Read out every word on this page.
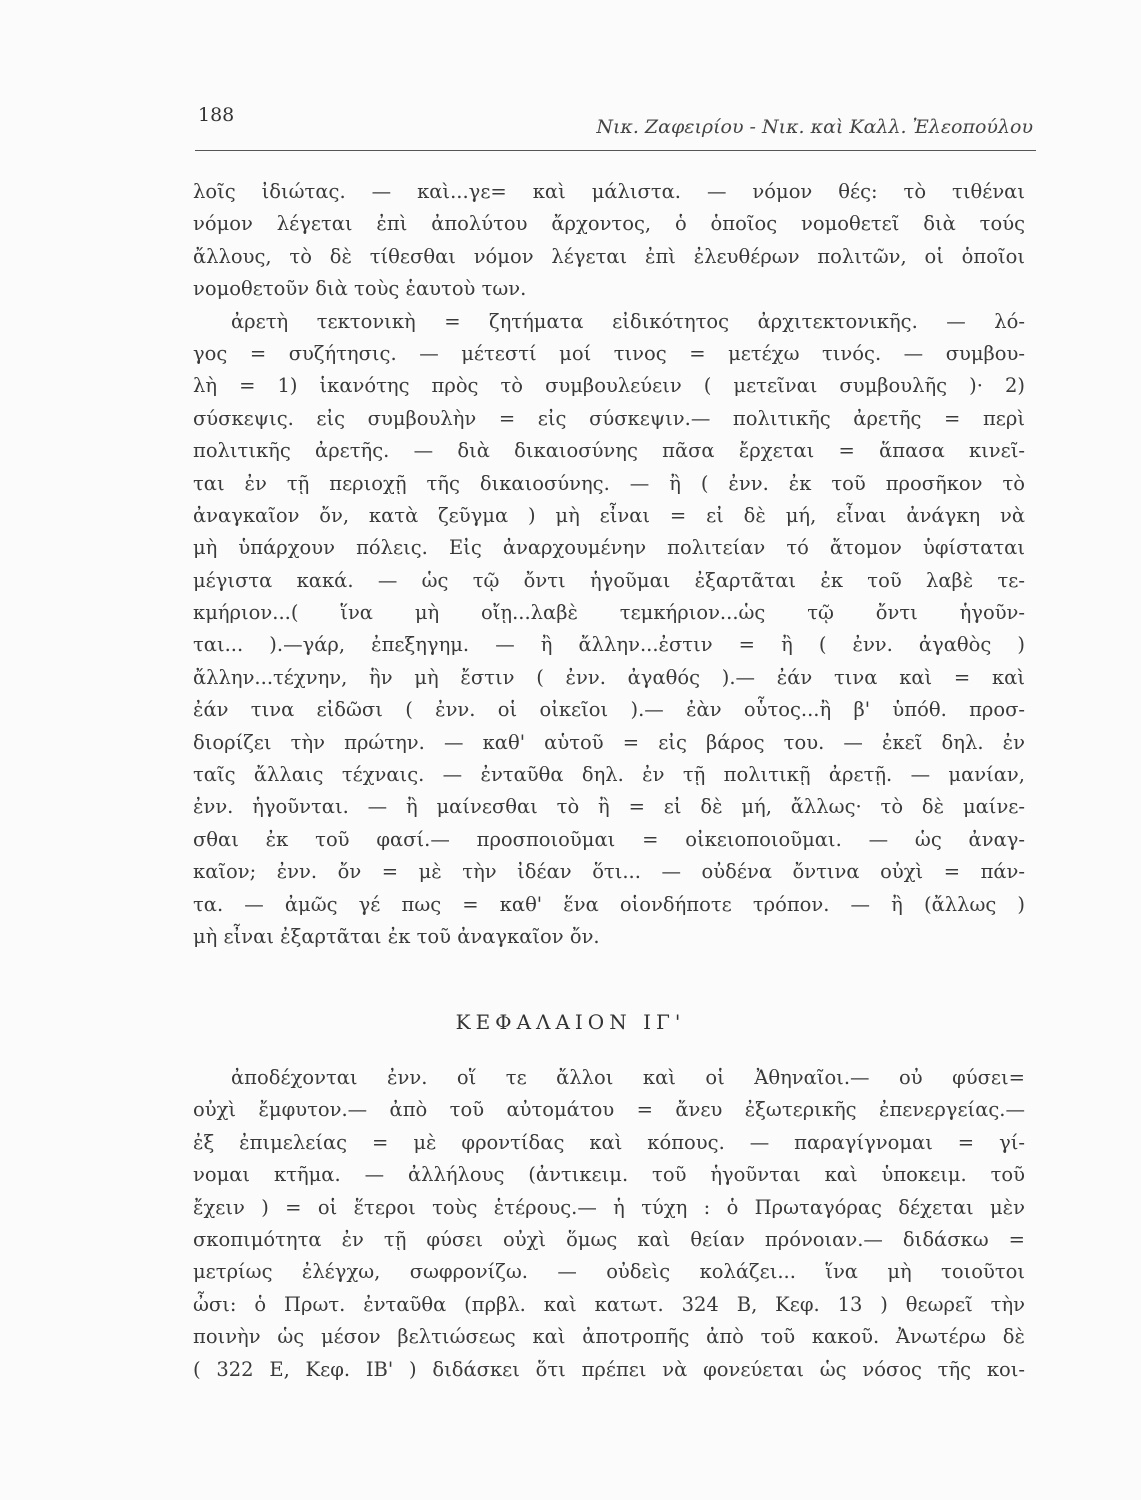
188
Νικ. Ζαφειρίου - Νικ. καὶ Καλλ. Ἐλεοπούλου
λοῖς ἰδιώτας. — καὶ...γε= καὶ μάλιστα. — νόμον θές: τὸ τιθέναι
νόμον λέγεται ἐπὶ ἀπολύτου ἄρχοντος, ὁ ὁποῖος νομοθετεῖ διὰ τούς
ἄλλους, τὸ δὲ τίθεσθαι νόμον λέγεται ἐπὶ ἐλευθέρων πολιτῶν, οἱ ὁποῖοι
νομοθετοῦν διὰ τοὺς ἑαυτοὺ των.
ἀρετὴ τεκτονικὴ = ζητήματα εἰδικότητος ἀρχιτεκτονικῆς. — λό-
γος = συζήτησις. — μέτεστί μοί τινος = μετέχω τινός. — συμβου-
λὴ = 1) ἱκανότης πρὸς τὸ συμβουλεύειν ( μετεῖναι συμβουλῆς )· 2)
σύσκεψις. εἰς συμβουλὴν = εἰς σύσκεψιν.— πολιτικῆς ἀρετῆς = περὶ
πολιτικῆς ἀρετῆς. — διὰ δικαιοσύνης πᾶσα ἔρχεται = ἅπασα κινεῖ-
ται ἐν τῇ περιοχῇ τῆς δικαιοσύνης. — ἢ ( ἐνν. ἐκ τοῦ προσῆκον τὸ
ἀναγκαῖον ὄν, κατὰ ζεῦγμα ) μὴ εἶναι = εἰ δὲ μή, εἶναι ἀνάγκη νὰ
μὴ ὑπάρχουν πόλεις. Εἰς ἀναρχουμένην πολιτείαν τό ἄτομον ὑφίσταται
μέγιστα κακά. — ὡς τῷ ὄντι ἡγοῦμαι ἐξαρτᾶται ἐκ τοῦ λαβὲ τε-
κμήριον...( ἵνα μὴ οἴῃ...λαβὲ τεμκήριον...ὡς τῷ ὄντι ἡγοῦν-
ται... ).—γάρ, ἐπεξηγημ. — ἢ ἄλλην...ἐστιν = ἢ ( ἐνν. ἀγαθὸς )
ἄλλην...τέχνην, ἣν μὴ ἔστιν ( ἐνν. ἀγαθός ).— ἐάν τινα καὶ = καὶ
ἐάν τινα εἰδῶσι ( ἐνν. οἱ οἰκεῖοι ).— ἐὰν οὗτος...ἢ β' ὑπόθ. προσ-
διορίζει τὴν πρώτην. — καθ' αὑτοῦ = εἰς βάρος του. — ἐκεῖ δηλ. ἐν
ταῖς ἄλλαις τέχναις. — ἐνταῦθα δηλ. ἐν τῇ πολιτικῇ ἀρετῇ. — μανίαν,
ἐνν. ἡγοῦνται. — ἢ μαίνεσθαι τὸ ἢ = εἰ δὲ μή, ἄλλως· τὸ δὲ μαίνε-
σθαι ἐκ τοῦ φασί.— προσποιοῦμαι = οἰκειοποιοῦμαι. — ὡς ἀναγ-
καῖον; ἐνν. ὄν = μὲ τὴν ἰδέαν ὅτι... — οὐδένα ὄντινα οὐχὶ = πάν-
τα. — ἀμῶς γέ πως = καθ' ἕνα οἱονδήποτε τρόπον. — ἢ (ἄλλως )
μὴ εἶναι ἐξαρτᾶται ἐκ τοῦ ἀναγκαῖον ὄν.
ΚΕΦΑΛΑΙΟΝ ΙΓ'
ἀποδέχονται ἐνν. οἵ τε ἄλλοι καὶ οἱ Ἀθηναῖοι.— οὐ φύσει=
οὐχὶ ἔμφυτον.— ἀπὸ τοῦ αὐτομάτου = ἄνευ ἐξωτερικῆς ἐπενεργείας.—
ἐξ ἐπιμελείας = μὲ φροντίδας καὶ κόπους. — παραγίγνομαι = γί-
νομαι κτῆμα. — ἀλλήλους (ἀντικειμ. τοῦ ἡγοῦνται καὶ ὑποκειμ. τοῦ
ἔχειν ) = οἱ ἕτεροι τοὺς ἑτέρους.— ἡ τύχη : ὁ Πρωταγόρας δέχεται μὲν
σκοπιμότητα ἐν τῇ φύσει οὐχὶ ὅμως καὶ θείαν πρόνοιαν.— διδάσκω =
μετρίως ἐλέγχω, σωφρονίζω. — οὐδεὶς κολάζει... ἵνα μὴ τοιοῦτοι
ὦσι: ὁ Πρωτ. ἐνταῦθα (πρβλ. καὶ κατωτ. 324 Β, Κεφ. 13 ) θεωρεῖ τὴν
ποινὴν ὡς μέσον βελτιώσεως καὶ ἀποτροπῆς ἀπὸ τοῦ κακοῦ. Ἀνωτέρω δὲ
( 322 Ε, Κεφ. ΙΒ' ) διδάσκει ὅτι πρέπει νὰ φονεύεται ὡς νόσος τῆς κοι-
